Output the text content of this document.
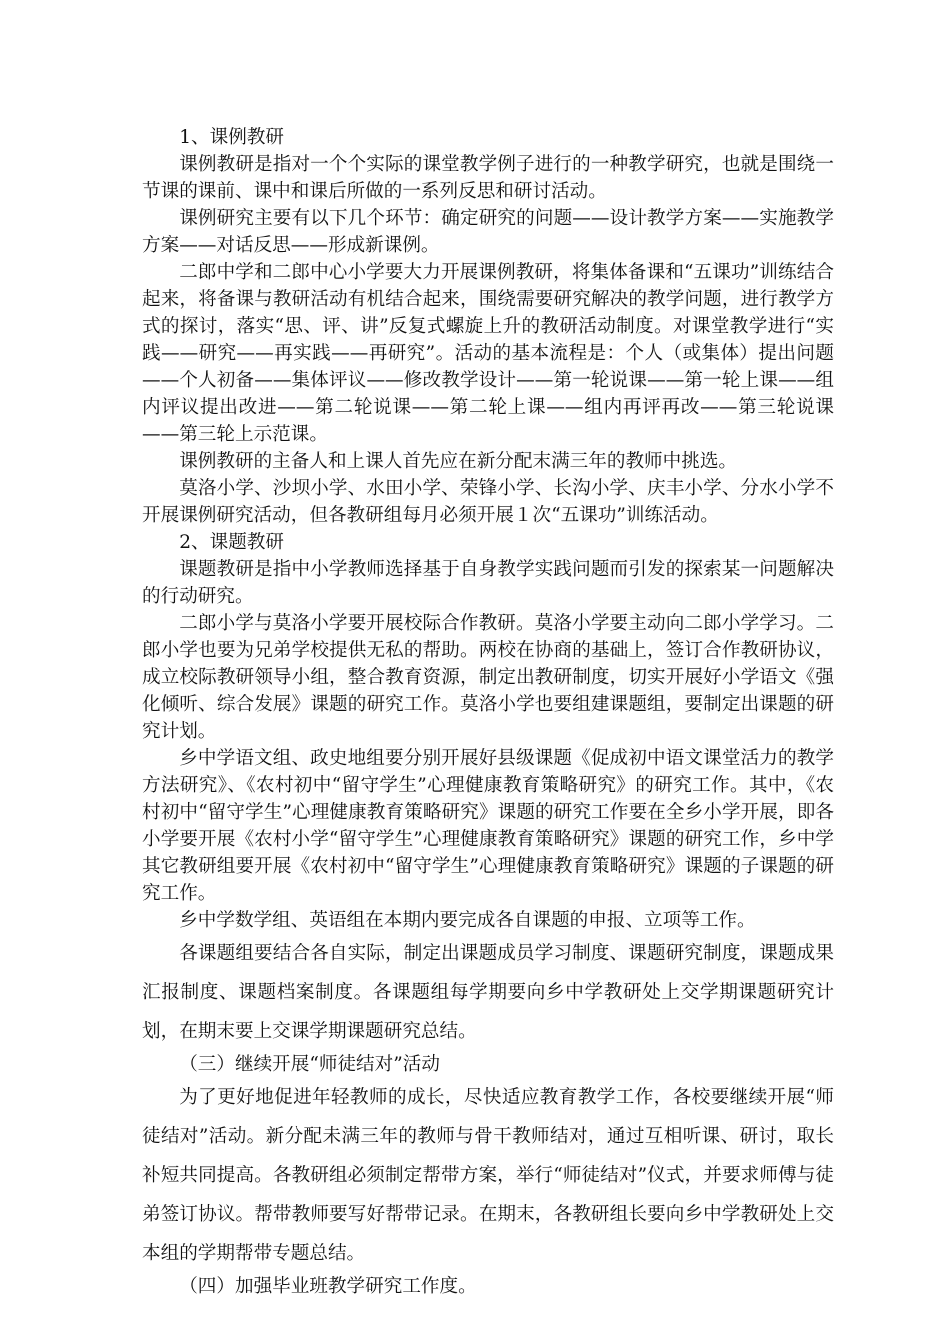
1、课例教研

课例教研是指对一个个实际的课堂教学例子进行的一种教学研究，也就是围绕一节课的课前、课中和课后所做的一系列反思和研讨活动。

课例研究主要有以下几个环节：确定研究的问题——设计教学方案——实施教学方案——对话反思——形成新课例。

二郎中学和二郎中心小学要大力开展课例教研，将集体备课和“五课功”训练结合起来，将备课与教研活动有机结合起来，围绕需要研究解决的教学问题，进行教学方式的探讨，落实“思、评、讲”反复式螺旋上升的教研活动制度。对课堂教学进行“实践——研究——再实践——再研究”。活动的基本流程是：个人（或集体）提出问题——个人初备——集体评议——修改教学设计——第一轮说课——第一轮上课——组内评议提出改进——第二轮说课——第二轮上课——组内再评再改——第三轮说课——第三轮上示范课。

课例教研的主备人和上课人首先应在新分配末满三年的教师中挑选。

莫洛小学、沙坝小学、水田小学、荣锋小学、长沟小学、庆丰小学、分水小学不开展课例研究活动，但各教研组每月必须开展１次“五课功”训练活动。

2、课题教研

课题教研是指中小学教师选择基于自身教学实践问题而引发的探索某一问题解决的行动研究。

二郎小学与莫洛小学要开展校际合作教研。莫洛小学要主动向二郎小学学习。二郎小学也要为兄弟学校提供无私的帮助。两校在协商的基础上，签订合作教研协议，成立校际教研领导小组，整合教育资源，制定出教研制度，切实开展好小学语文《强化倾听、综合发展》课题的研究工作。莫洛小学也要组建课题组，要制定出课题的研究计划。

乡中学语文组、政史地组要分别开展好县级课题《促成初中语文课堂活力的教学方法研究》、《农村初中“留守学生”心理健康教育策略研究》的研究工作。其中，《农村初中“留守学生”心理健康教育策略研究》课题的研究工作要在全乡小学开展，即各小学要开展《农村小学“留守学生”心理健康教育策略研究》课题的研究工作，乡中学其它教研组要开展《农村初中“留守学生”心理健康教育策略研究》课题的子课题的研究工作。

乡中学数学组、英语组在本期内要完成各自课题的申报、立项等工作。

各课题组要结合各自实际，制定出课题成员学习制度、课题研究制度，课题成果汇报制度、课题档案制度。各课题组每学期要向乡中学教研处上交学期课题研究计划，在期末要上交课学期课题研究总结。

（三）继续开展“师徒结对”活动

为了更好地促进年轻教师的成长，尽快适应教育教学工作，各校要继续开展“师徒结对”活动。新分配未满三年的教师与骨干教师结对，通过互相听课、研讨，取长补短共同提高。各教研组必须制定帮带方案，举行“师徒结对”仪式，并要求师傅与徒弟签订协议。帮带教师要写好帮带记录。在期末，各教研组长要向乡中学教研处上交本组的学期帮带专题总结。

（四）加强毕业班教学研究工作度。
